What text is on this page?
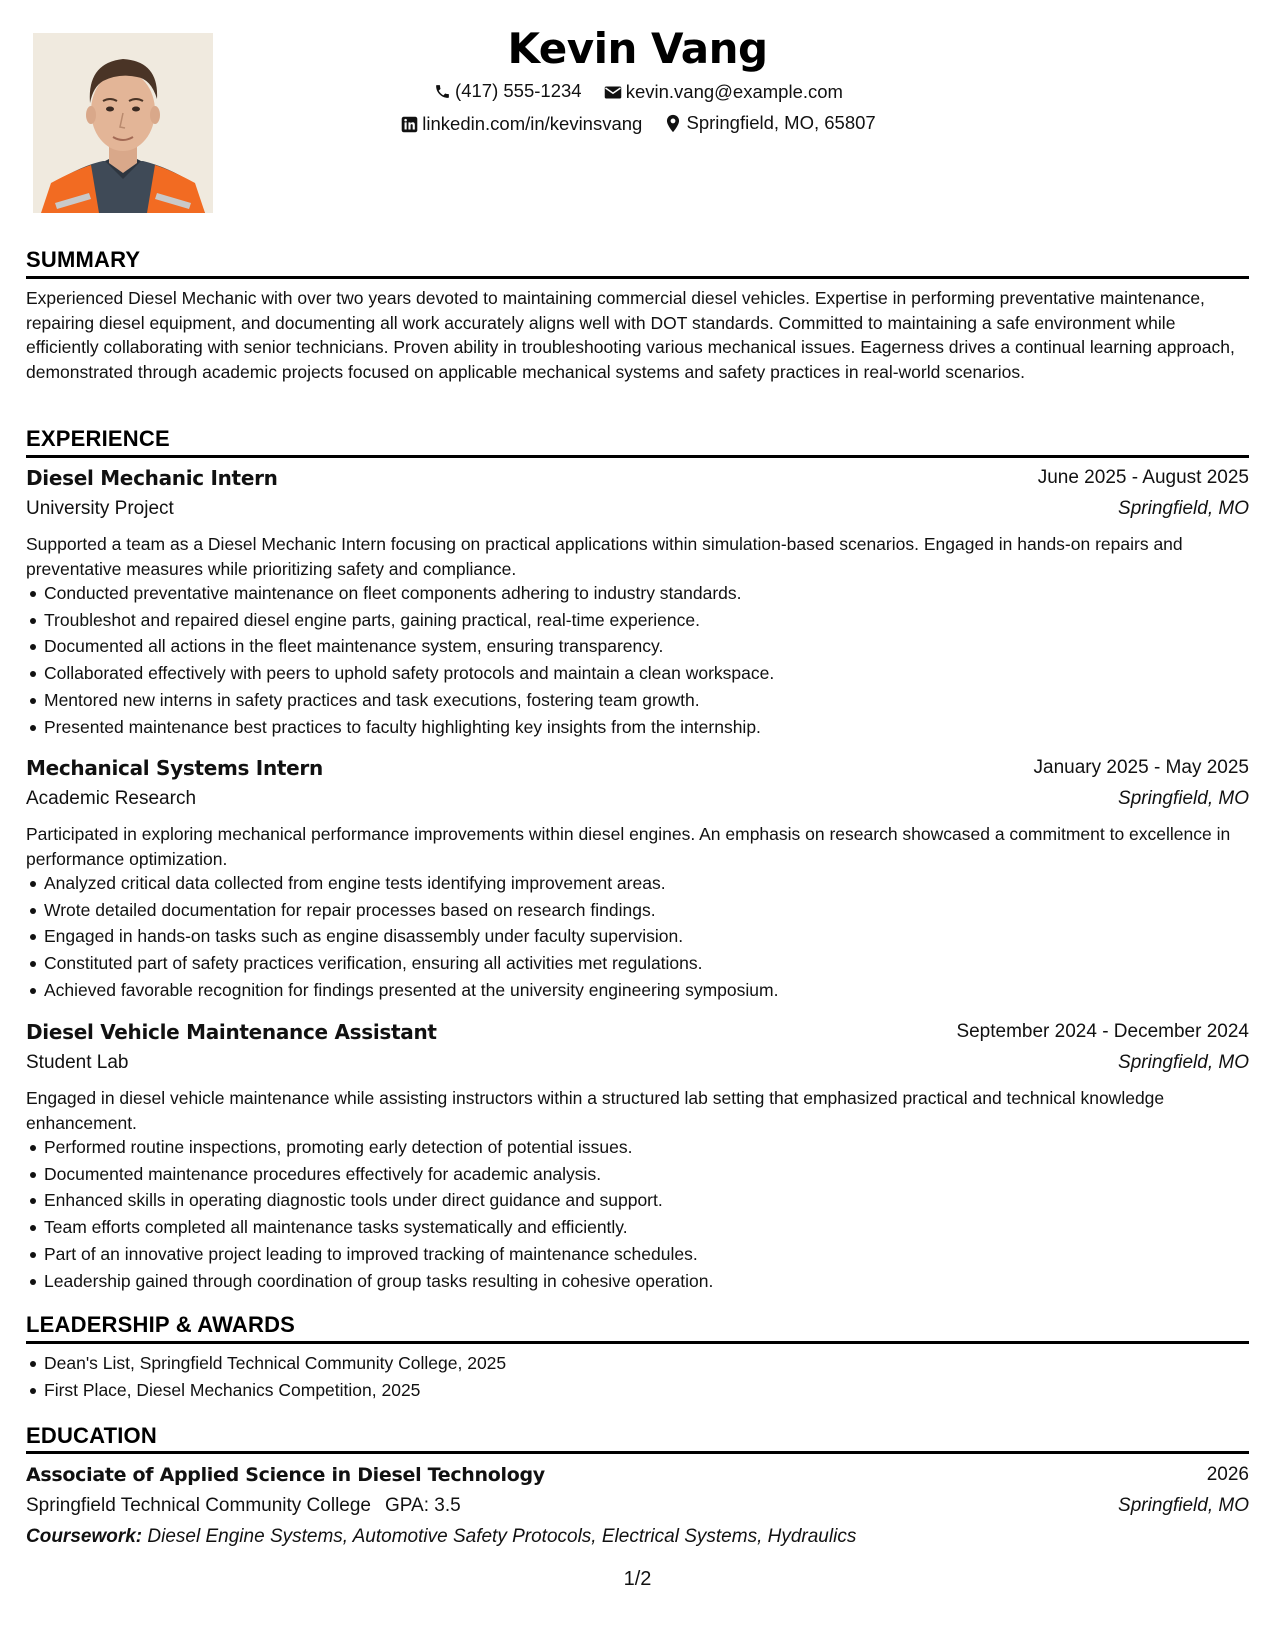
Kevin Vang
(417) 555-1234
kevin.vang@example.com
linkedin.com/in/kevinsvang
Springfield, MO, 65807
SUMMARY
Experienced Diesel Mechanic with over two years devoted to maintaining commercial diesel vehicles. Expertise in performing preventative maintenance, repairing diesel equipment, and documenting all work accurately aligns well with DOT standards. Committed to maintaining a safe environment while efficiently collaborating with senior technicians. Proven ability in troubleshooting various mechanical issues. Eagerness drives a continual learning approach, demonstrated through academic projects focused on applicable mechanical systems and safety practices in real-world scenarios.
EXPERIENCE
Diesel Mechanic Intern	June 2025 - August 2025
University Project	Springfield, MO
Supported a team as a Diesel Mechanic Intern focusing on practical applications within simulation-based scenarios. Engaged in hands-on repairs and preventative measures while prioritizing safety and compliance.
Conducted preventative maintenance on fleet components adhering to industry standards.
Troubleshot and repaired diesel engine parts, gaining practical, real-time experience.
Documented all actions in the fleet maintenance system, ensuring transparency.
Collaborated effectively with peers to uphold safety protocols and maintain a clean workspace.
Mentored new interns in safety practices and task executions, fostering team growth.
Presented maintenance best practices to faculty highlighting key insights from the internship.
Mechanical Systems Intern	January 2025 - May 2025
Academic Research	Springfield, MO
Participated in exploring mechanical performance improvements within diesel engines. An emphasis on research showcased a commitment to excellence in performance optimization.
Analyzed critical data collected from engine tests identifying improvement areas.
Wrote detailed documentation for repair processes based on research findings.
Engaged in hands-on tasks such as engine disassembly under faculty supervision.
Constituted part of safety practices verification, ensuring all activities met regulations.
Achieved favorable recognition for findings presented at the university engineering symposium.
Diesel Vehicle Maintenance Assistant	September 2024 - December 2024
Student Lab	Springfield, MO
Engaged in diesel vehicle maintenance while assisting instructors within a structured lab setting that emphasized practical and technical knowledge enhancement.
Performed routine inspections, promoting early detection of potential issues.
Documented maintenance procedures effectively for academic analysis.
Enhanced skills in operating diagnostic tools under direct guidance and support.
Team efforts completed all maintenance tasks systematically and efficiently.
Part of an innovative project leading to improved tracking of maintenance schedules.
Leadership gained through coordination of group tasks resulting in cohesive operation.
LEADERSHIP & AWARDS
Dean's List, Springfield Technical Community College, 2025
First Place, Diesel Mechanics Competition, 2025
EDUCATION
Associate of Applied Science in Diesel Technology	2026
Springfield Technical Community College GPA: 3.5	Springfield, MO
Coursework: Diesel Engine Systems, Automotive Safety Protocols, Electrical Systems, Hydraulics
1/2
